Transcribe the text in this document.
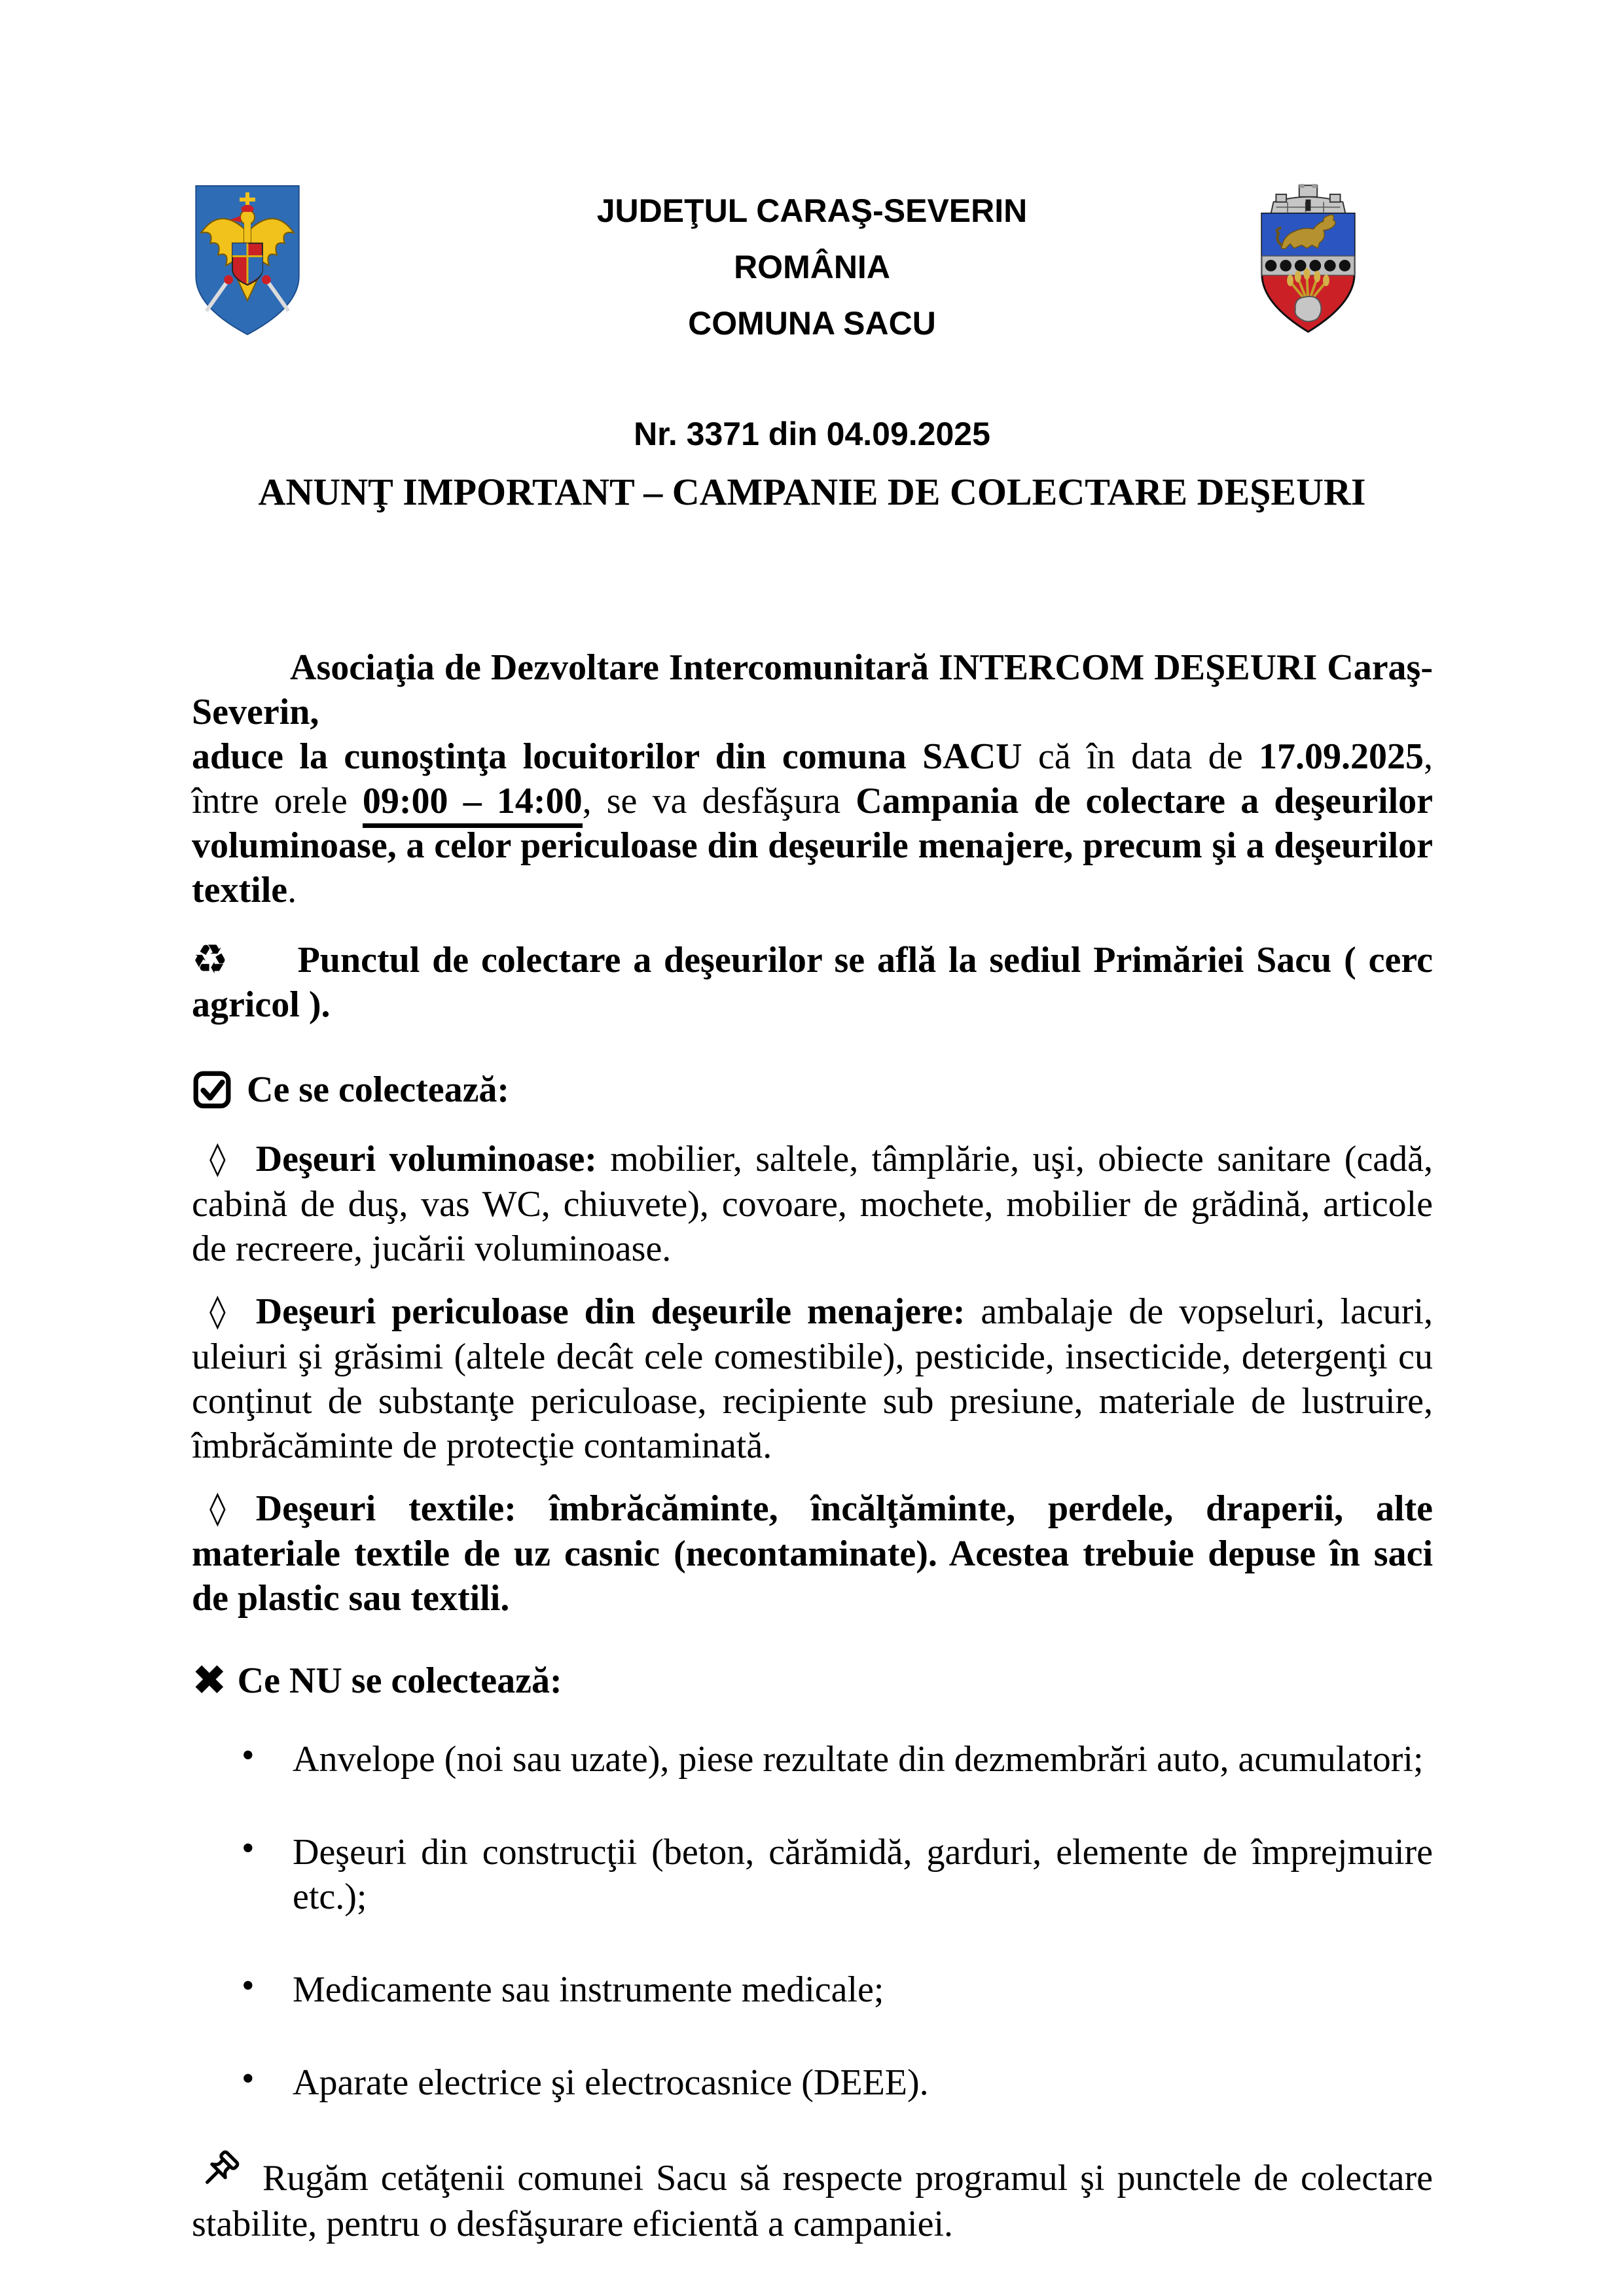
JUDEŢUL CARAŞ-SEVERIN
ROMÂNIA
COMUNA SACU
Nr. 3371 din 04.09.2025
ANUNŢ IMPORTANT – CAMPANIE DE COLECTARE DEŞEURI
Asociaţia de Dezvoltare Intercomunitară INTERCOM DEŞEURI Caraş-Severin,
aduce la cunoştinţa locuitorilor din comuna SACU că în data de 17.09.2025, între orele 09:00 – 14:00, se va desfăşura Campania de colectare a deşeurilor voluminoase, a celor periculoase din deşeurile menajere, precum şi a deşeurilor textile.
♻ Punctul de colectare a deşeurilor se află la sediul Primăriei Sacu ( cerc agricol ).
Ce se colectează:
◊ Deşeuri voluminoase: mobilier, saltele, tâmplărie, uşi, obiecte sanitare (cadă, cabină de duş, vas WC, chiuvete), covoare, mochete, mobilier de grădină, articole de recreere, jucării voluminoase.
◊ Deşeuri periculoase din deşeurile menajere: ambalaje de vopseluri, lacuri, uleiuri şi grăsimi (altele decât cele comestibile), pesticide, insecticide, detergenţi cu conţinut de substanţe periculoase, recipiente sub presiune, materiale de lustruire, îmbrăcăminte de protecţie contaminată.
◊ Deşeuri textile: îmbrăcăminte, încălţăminte, perdele, draperii, alte materiale textile de uz casnic (necontaminate). Acestea trebuie depuse în saci de plastic sau textili.
✖ Ce NU se colectează:
• Anvelope (noi sau uzate), piese rezultate din dezmembrări auto, acumulatori;
• Deşeuri din construcţii (beton, cărămidă, garduri, elemente de împrejmuire etc.);
• Medicamente sau instrumente medicale;
• Aparate electrice şi electrocasnice (DEEE).
Rugăm cetăţenii comunei Sacu să respecte programul şi punctele de colectare stabilite, pentru o desfăşurare eficientă a campaniei.
